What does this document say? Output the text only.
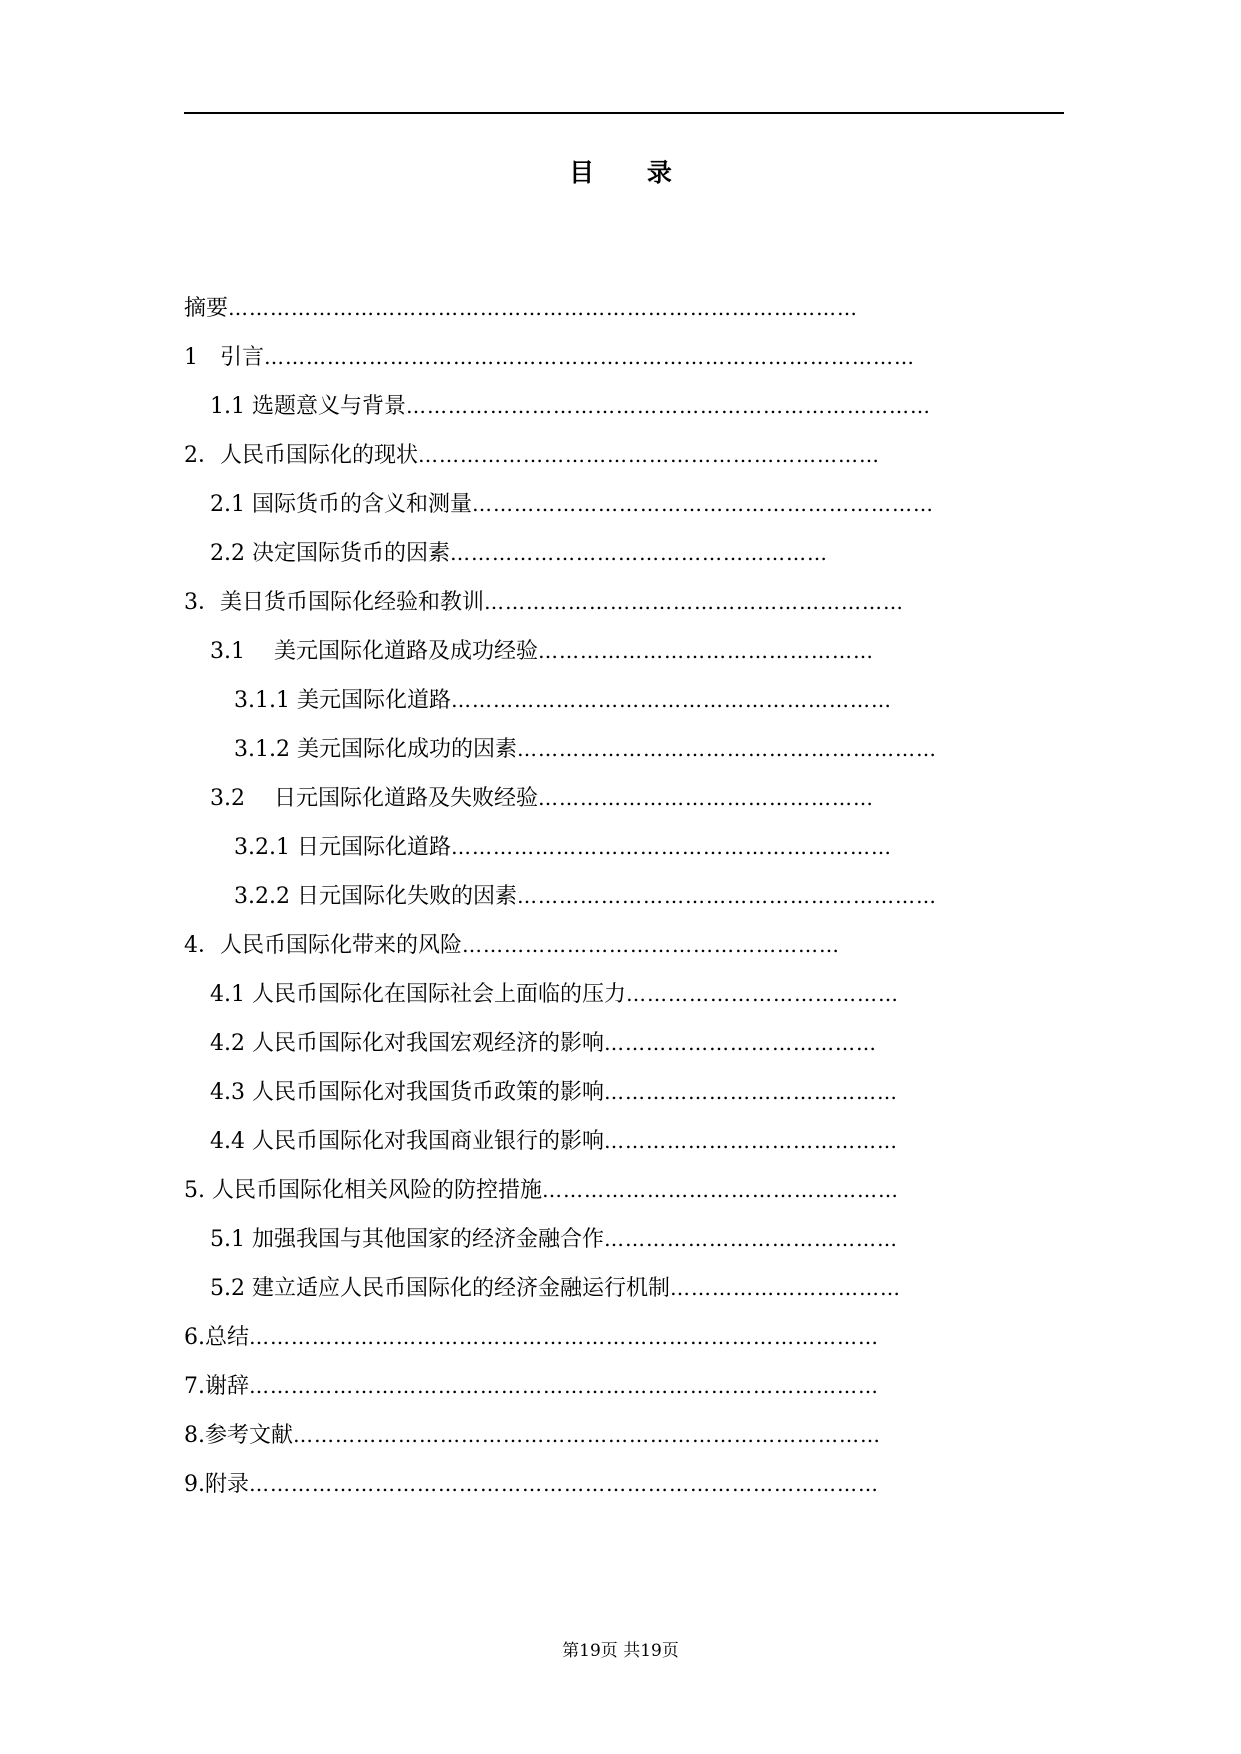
目 录
摘要………………………………………………………………………………
1　引言…………………………………………………………………………………
1.1 选题意义与背景…………………………………………………………………
2．人民币国际化的现状…………………………………………………………
2.1 国际货币的含义和测量…………………………………………………………
2.2 决定国际货币的因素………………………………………………
3．美日货币国际化经验和教训……………………………………………………
3.1　 美元国际化道路及成功经验…………………………………………
3.1.1 美元国际化道路………………………………………………………
3.1.2 美元国际化成功的因素……………………………………………………
3.2　 日元国际化道路及失败经验…………………………………………
3.2.1 日元国际化道路………………………………………………………
3.2.2 日元国际化失败的因素……………………………………………………
4．人民币国际化带来的风险………………………………………………
4.1 人民币国际化在国际社会上面临的压力…………………………………
4.2 人民币国际化对我国宏观经济的影响…………………………………
4.3 人民币国际化对我国货币政策的影响……………………………………
4.4 人民币国际化对我国商业银行的影响……………………………………
5. 人民币国际化相关风险的防控措施……………………………………………
5.1 加强我国与其他国家的经济金融合作……………………………………
5.2 建立适应人民币国际化的经济金融运行机制……………………………
6.总结………………………………………………………………………………
7.谢辞………………………………………………………………………………
8.参考文献…………………………………………………………………………
9.附录………………………………………………………………………………
第19页 共19页
